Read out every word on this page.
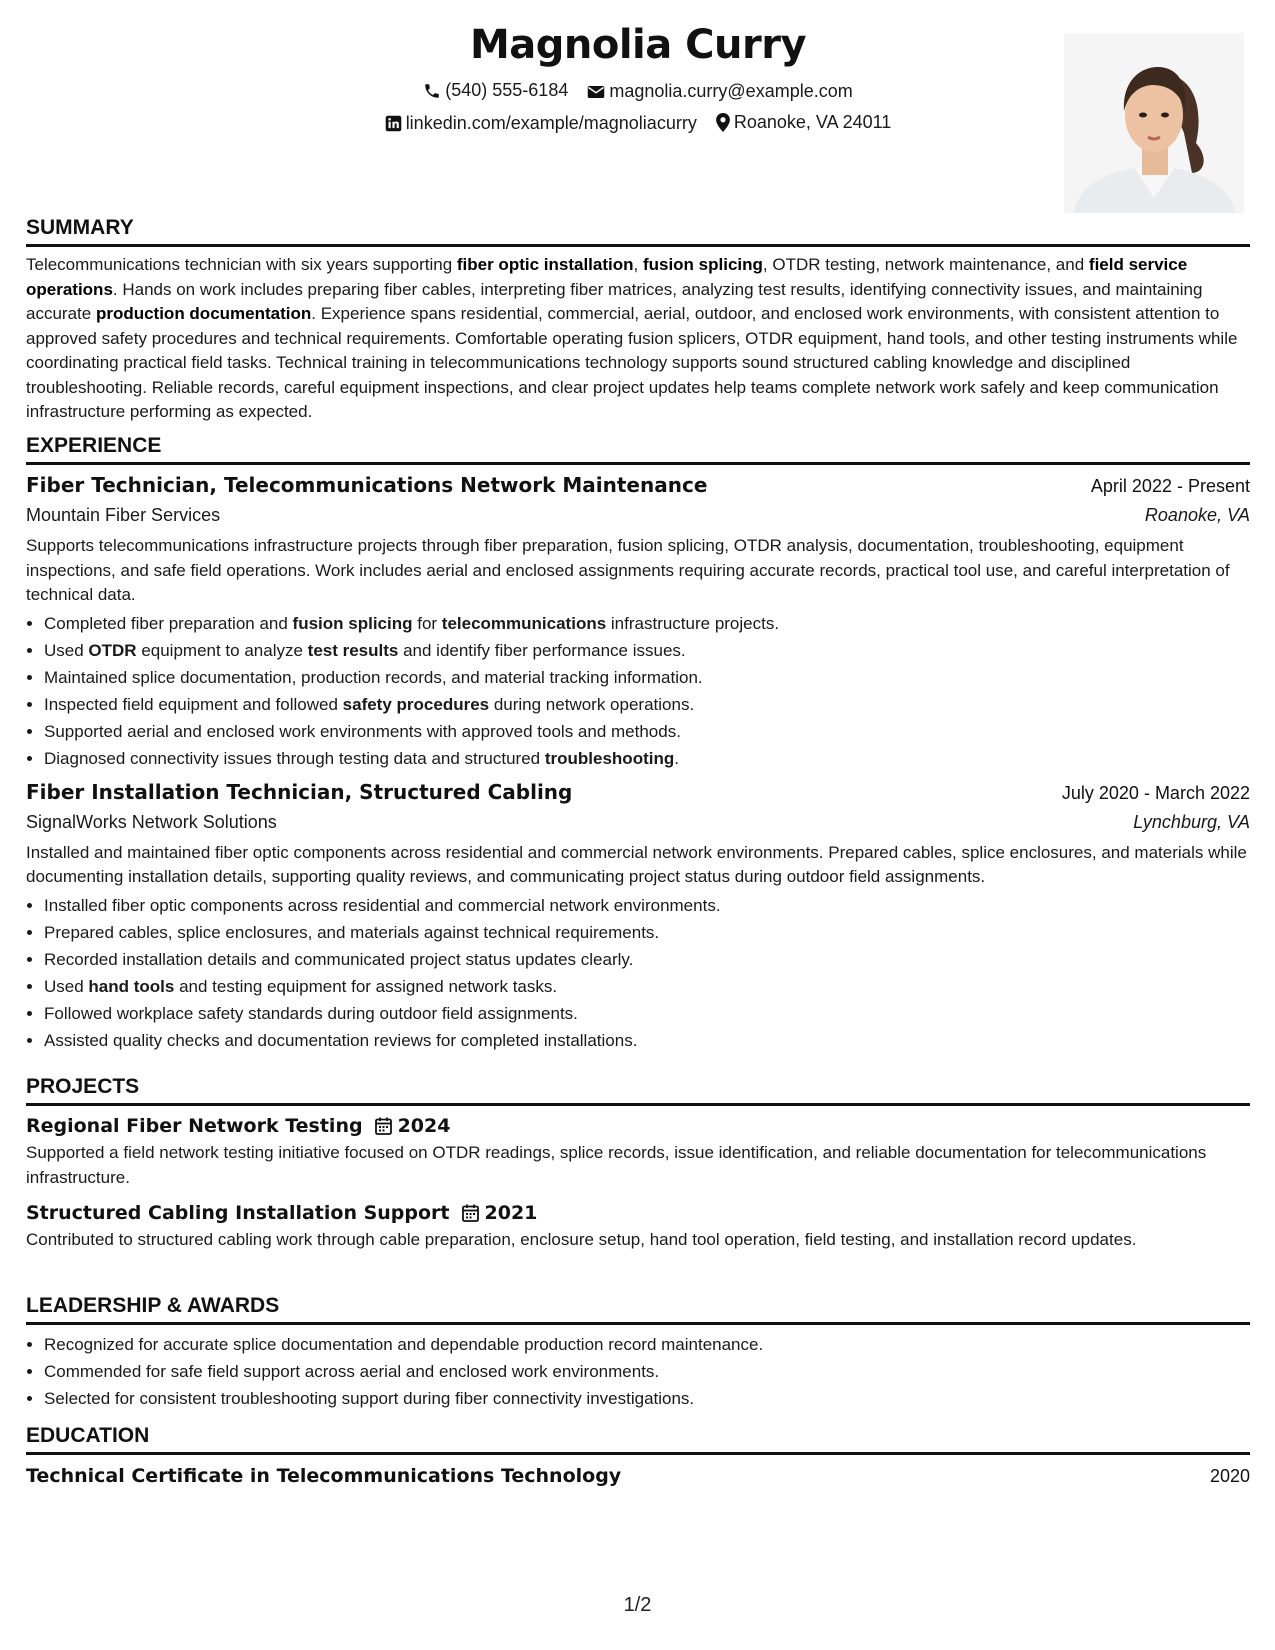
Magnolia Curry
(540) 555-6184
magnolia.curry@example.com
linkedin.com/example/magnoliacurry
Roanoke, VA 24011
SUMMARY

Telecommunications technician with six years supporting fiber optic installation, fusion splicing, OTDR testing, network maintenance, and field service operations. Hands on work includes preparing fiber cables, interpreting fiber matrices, analyzing test results, identifying connectivity issues, and maintaining accurate production documentation. Experience spans residential, commercial, aerial, outdoor, and enclosed work environments, with consistent attention to approved safety procedures and technical requirements. Comfortable operating fusion splicers, OTDR equipment, hand tools, and other testing instruments while coordinating practical field tasks. Technical training in telecommunications technology supports sound structured cabling knowledge and disciplined troubleshooting. Reliable records, careful equipment inspections, and clear project updates help teams complete network work safely and keep communication infrastructure performing as expected.

EXPERIENCE
Fiber Technician, Telecommunications Network Maintenance	April 2022 - Present
Mountain Fiber Services	Roanoke, VA

Supports telecommunications infrastructure projects through fiber preparation, fusion splicing, OTDR analysis, documentation, troubleshooting, equipment inspections, and safe field operations. Work includes aerial and enclosed assignments requiring accurate records, practical tool use, and careful interpretation of technical data.

• Completed fiber preparation and fusion splicing for telecommunications infrastructure projects.
• Used OTDR equipment to analyze test results and identify fiber performance issues.
• Maintained splice documentation, production records, and material tracking information.
• Inspected field equipment and followed safety procedures during network operations.
• Supported aerial and enclosed work environments with approved tools and methods.
• Diagnosed connectivity issues through testing data and structured troubleshooting.
Fiber Installation Technician, Structured Cabling	July 2020 - March 2022
SignalWorks Network Solutions	Lynchburg, VA

Installed and maintained fiber optic components across residential and commercial network environments. Prepared cables, splice enclosures, and materials while documenting installation details, supporting quality reviews, and communicating project status during outdoor field assignments.

• Installed fiber optic components across residential and commercial network environments.
• Prepared cables, splice enclosures, and materials against technical requirements.
• Recorded installation details and communicated project status updates clearly.
• Used hand tools and testing equipment for assigned network tasks.
• Followed workplace safety standards during outdoor field assignments.
• Assisted quality checks and documentation reviews for completed installations.
PROJECTS
Regional Fiber Network Testing 2024

Supported a field network testing initiative focused on OTDR readings, splice records, issue identification, and reliable documentation for telecommunications infrastructure.

Structured Cabling Installation Support 2021

Contributed to structured cabling work through cable preparation, enclosure setup, hand tool operation, field testing, and installation record updates.

LEADERSHIP & AWARDS
• Recognized for accurate splice documentation and dependable production record maintenance.
• Commended for safe field support across aerial and enclosed work environments.
• Selected for consistent troubleshooting support during fiber connectivity investigations.
EDUCATION
Technical Certificate in Telecommunications Technology	2020
1/2
